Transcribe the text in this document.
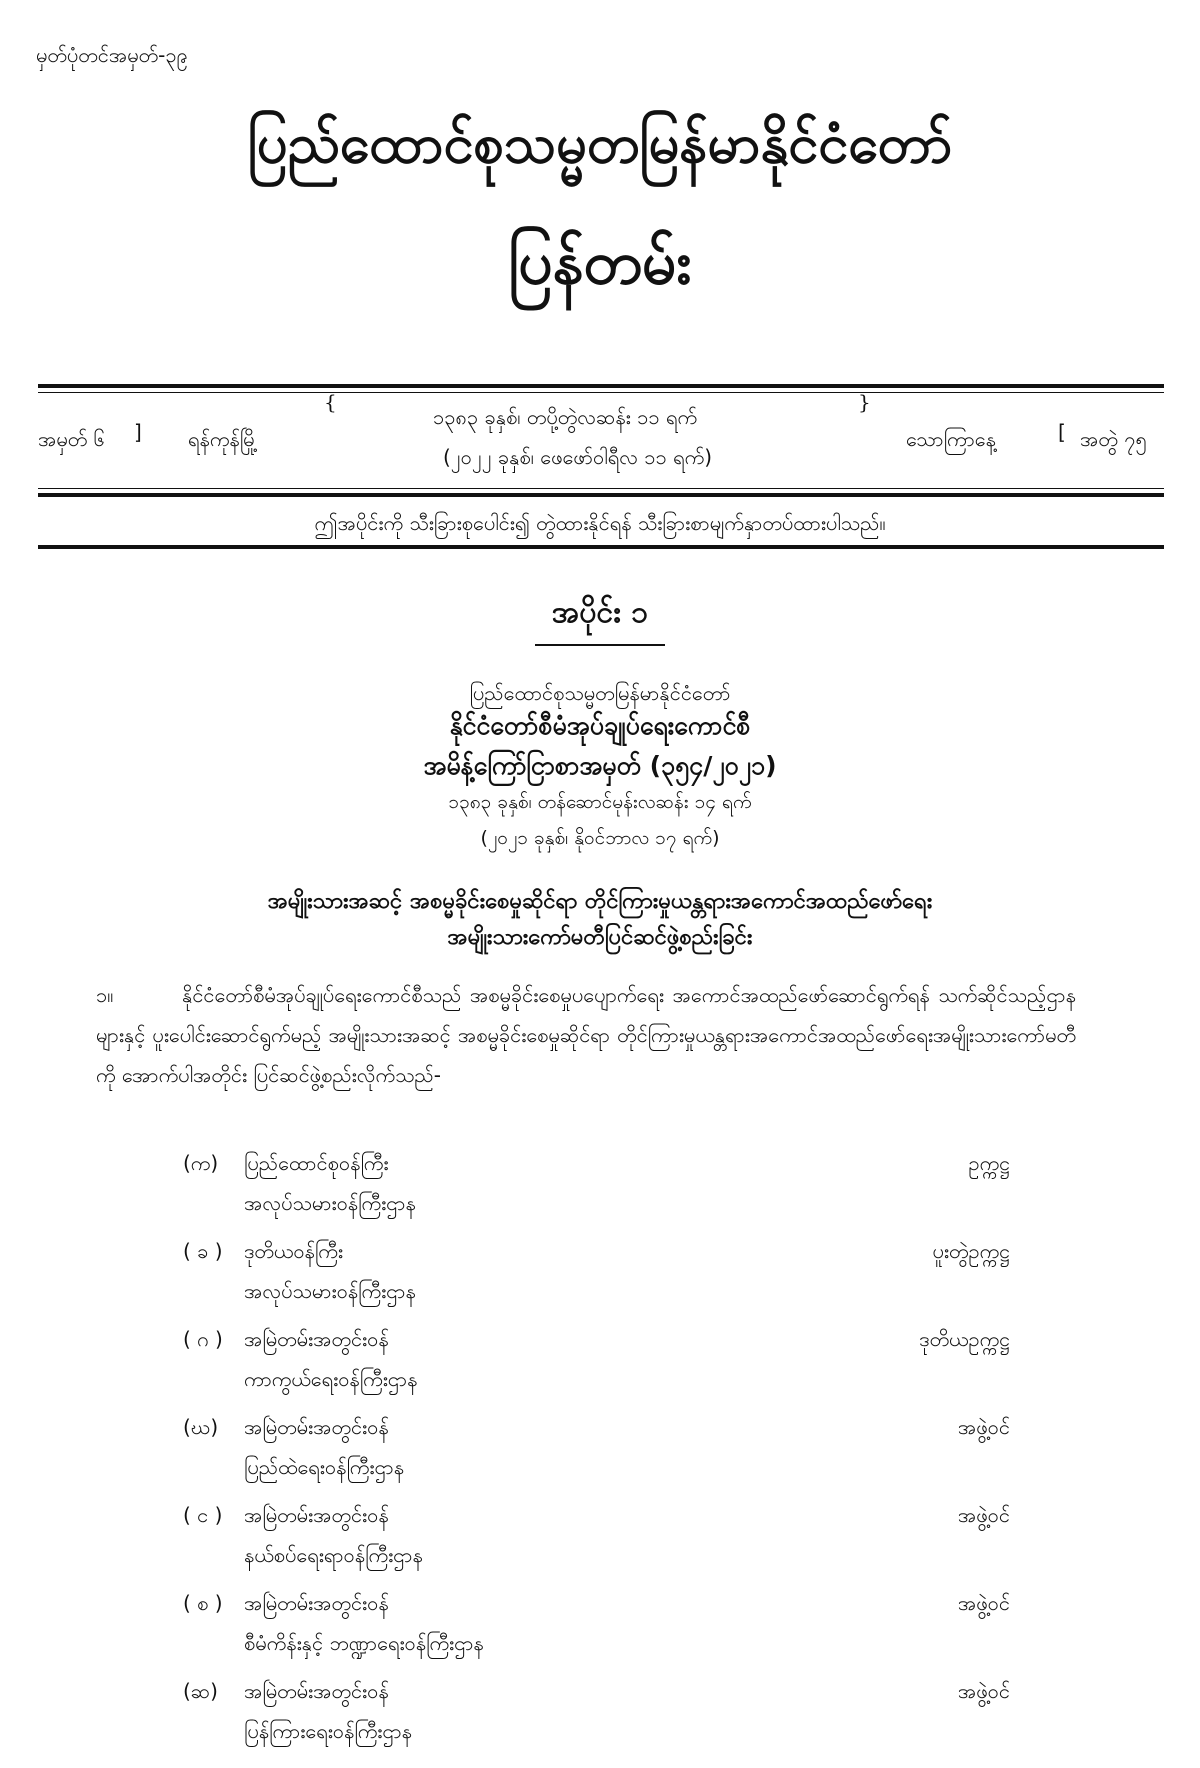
မှတ်ပုံတင်အမှတ်-၃၉
ပြည်ထောင်စုသမ္မတမြန်မာနိုင်ငံတော်
ပြန်တမ်း
အမှတ် ၆ ] ရန်ကုန်မြို့
{
၁၃၈၃ ခုနှစ်၊ တပို့တွဲလဆန်း ၁၁ ရက်
(၂၀၂၂ ခုနှစ်၊ ဖေဖော်ဝါရီလ ၁၁ ရက်)
}
သောကြာနေ့	[ အတွဲ ၇၅
ဤအပိုင်းကို သီးခြားစုပေါင်း၍ တွဲထားနိုင်ရန် သီးခြားစာမျက်နှာတပ်ထားပါသည်။
အပိုင်း ၁
ပြည်ထောင်စုသမ္မတမြန်မာနိုင်ငံတော်
နိုင်ငံတော်စီမံအုပ်ချုပ်ရေးကောင်စီ
အမိန့်ကြော်ငြာစာအမှတ် (၃၅၄/၂၀၂၁)
၁၃၈၃ ခုနှစ်၊ တန်ဆောင်မုန်းလဆန်း ၁၄ ရက်
(၂၀၂၁ ခုနှစ်၊ နိုဝင်ဘာလ ၁၇ ရက်)
အမျိုးသားအဆင့် အစမ္မခိုင်းစေမှုဆိုင်ရာ တိုင်ကြားမှုယန္တရားအကောင်အထည်ဖော်ရေး
အမျိုးသားကော်မတီပြင်ဆင်ဖွဲ့စည်းခြင်း
၁။	နိုင်ငံတော်စီမံအုပ်ချုပ်ရေးကောင်စီသည် အစမ္မခိုင်းစေမှုပပျောက်ရေး အကောင်အထည်ဖော်ဆောင်ရွက်ရန် သက်ဆိုင်သည့်ဌာနများနှင့် ပူးပေါင်းဆောင်ရွက်မည့် အမျိုးသားအဆင့် အစမ္မခိုင်းစေမှုဆိုင်ရာ တိုင်ကြားမှုယန္တရားအကောင်အထည်ဖော်ရေးအမျိုးသားကော်မတီကို အောက်ပါအတိုင်း ပြင်ဆင်ဖွဲ့စည်းလိုက်သည်-
(က) ပြည်ထောင်စုဝန်ကြီး
အလုပ်သမားဝန်ကြီးဌာန
ဥက္ကဋ္ဌ
( ခ ) ဒုတိယဝန်ကြီး
အလုပ်သမားဝန်ကြီးဌာန
ပူးတွဲဥက္ကဋ္ဌ
( ဂ ) အမြဲတမ်းအတွင်းဝန်
ကာကွယ်ရေးဝန်ကြီးဌာန
ဒုတိယဥက္ကဋ္ဌ
(ဃ) အမြဲတမ်းအတွင်းဝန်
ပြည်ထဲရေးဝန်ကြီးဌာန
အဖွဲ့ဝင်
( င ) အမြဲတမ်းအတွင်းဝန်
နယ်စပ်ရေးရာဝန်ကြီးဌာန
အဖွဲ့ဝင်
( စ ) အမြဲတမ်းအတွင်းဝန်
စီမံကိန်းနှင့် ဘဏ္ဍာရေးဝန်ကြီးဌာန
အဖွဲ့ဝင်
(ဆ) အမြဲတမ်းအတွင်းဝန်
ပြန်ကြားရေးဝန်ကြီးဌာန
အဖွဲ့ဝင်
